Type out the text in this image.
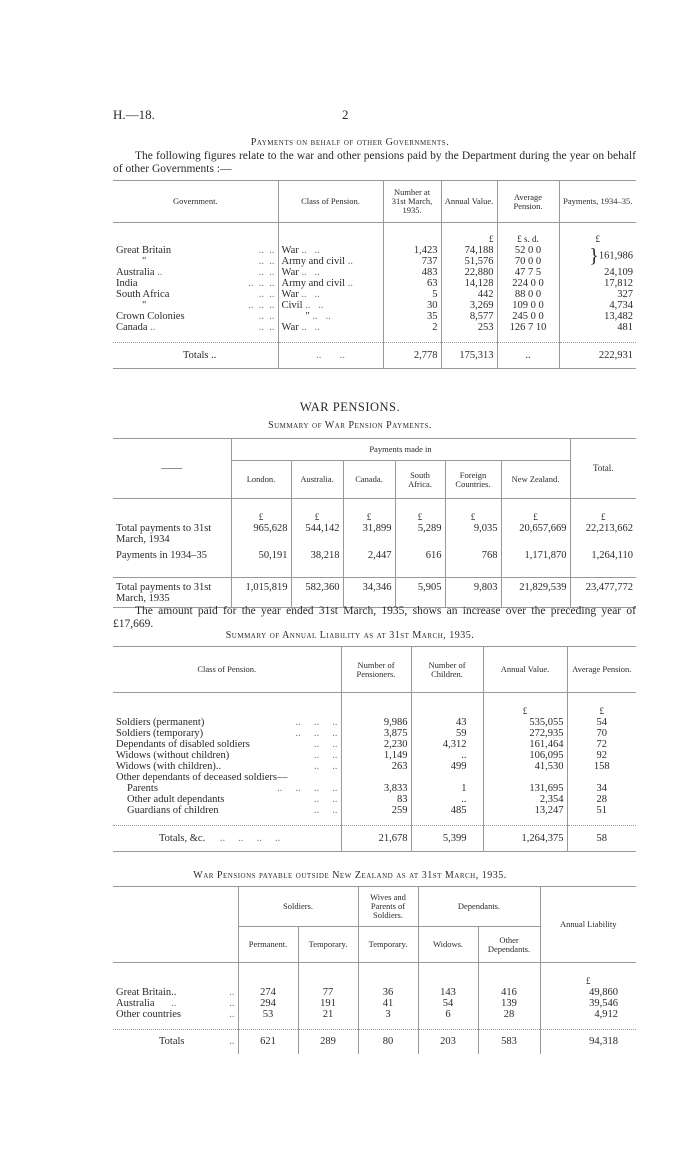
H.—18.	2
Payments on behalf of other Governments.
The following figures relate to the war and other pensions paid by the Department during the year on behalf of other Governments :—
Government.	Class of Pension.	Number at 31st March, 1935.	Annual Value.	Average Pension.	Payments, 1934–35.
			£	£ s. d.	£
Great Britain ..  ..	War ..   ..	1,423	74,188	52 0 0	}161,986
" ..  ..	Army and civil ..	737	51,576	70 0 0	
Australia .. ..  ..	War ..   ..	483	22,880	47 7 5	24,109
India ..  ..  ..	Army and civil ..	63	14,128	224 0 0	17,812
South Africa ..  ..	War ..   ..	5	442	88 0 0	327
" ..  ..  ..	Civil ..   ..	30	3,269	109 0 0	4,734
Crown Colonies ..  ..	" ..   ..	35	8,577	245 0 0	13,482
Canada .. ..  ..	War ..   ..	2	253	126 7 10	481

Totals ..	..       ..	2,778	175,313	..	222,931
WAR PENSIONS.
Summary of War Pension Payments.
——	Payments made in						Total.
	London.	Australia.	Canada.	South Africa.	Foreign Countries.	New Zealand.	
	£	£	£	£	£	£	£
Total payments to 31st March, 1934	965,628	544,142	31,899	5,289	9,035	20,657,669	22,213,662
Payments in 1934–35	50,191	38,218	2,447	616	768	1,171,870	1,264,110
Total payments to 31st March, 1935	1,015,819	582,360	34,346	5,905	9,803	21,829,539	23,477,772
The amount paid for the year ended 31st March, 1935, shows an increase over the preceding year of £17,669.
Summary of Annual Liability as at 31st March, 1935.
Class of Pension.	Number of Pensioners.	Number of Children.	Annual Value.	Average Pension.
			£	£
Soldiers (permanent) ..     ..     ..	9,986	43	535,055	54
Soldiers (temporary) ..     ..     ..	3,875	59	272,935	70
Dependants of disabled soldiers ..     ..	2,230	4,312	161,464	72
Widows (without children) ..     ..	1,149	..	106,095	92
Widows (with children).. ..     ..	263	499	41,530	158
Other dependants of deceased soldiers—				
Parents ..     ..     ..     ..	3,833	1	131,695	34
Other adult dependants ..     ..	83	..	2,354	28
Guardians of children ..     ..	259	485	13,247	51

Totals, &c. ..     ..     ..     ..	21,678	5,399	1,264,375	58
War Pensions payable outside New Zealand as at 31st March, 1935.
	Soldiers.		Wives and Parents of Soldiers.	Dependants.		Annual Liability
	Permanent.	Temporary.	Temporary.	Widows.	Other Dependants.	
						£
Great Britain.. ..	274	77	36	143	416	49,860
Australia .. ..	294	191	41	54	139	39,546
Other countries ..	53	21	3	6	28	4,912

Totals ..	621	289	80	203	583	94,318
